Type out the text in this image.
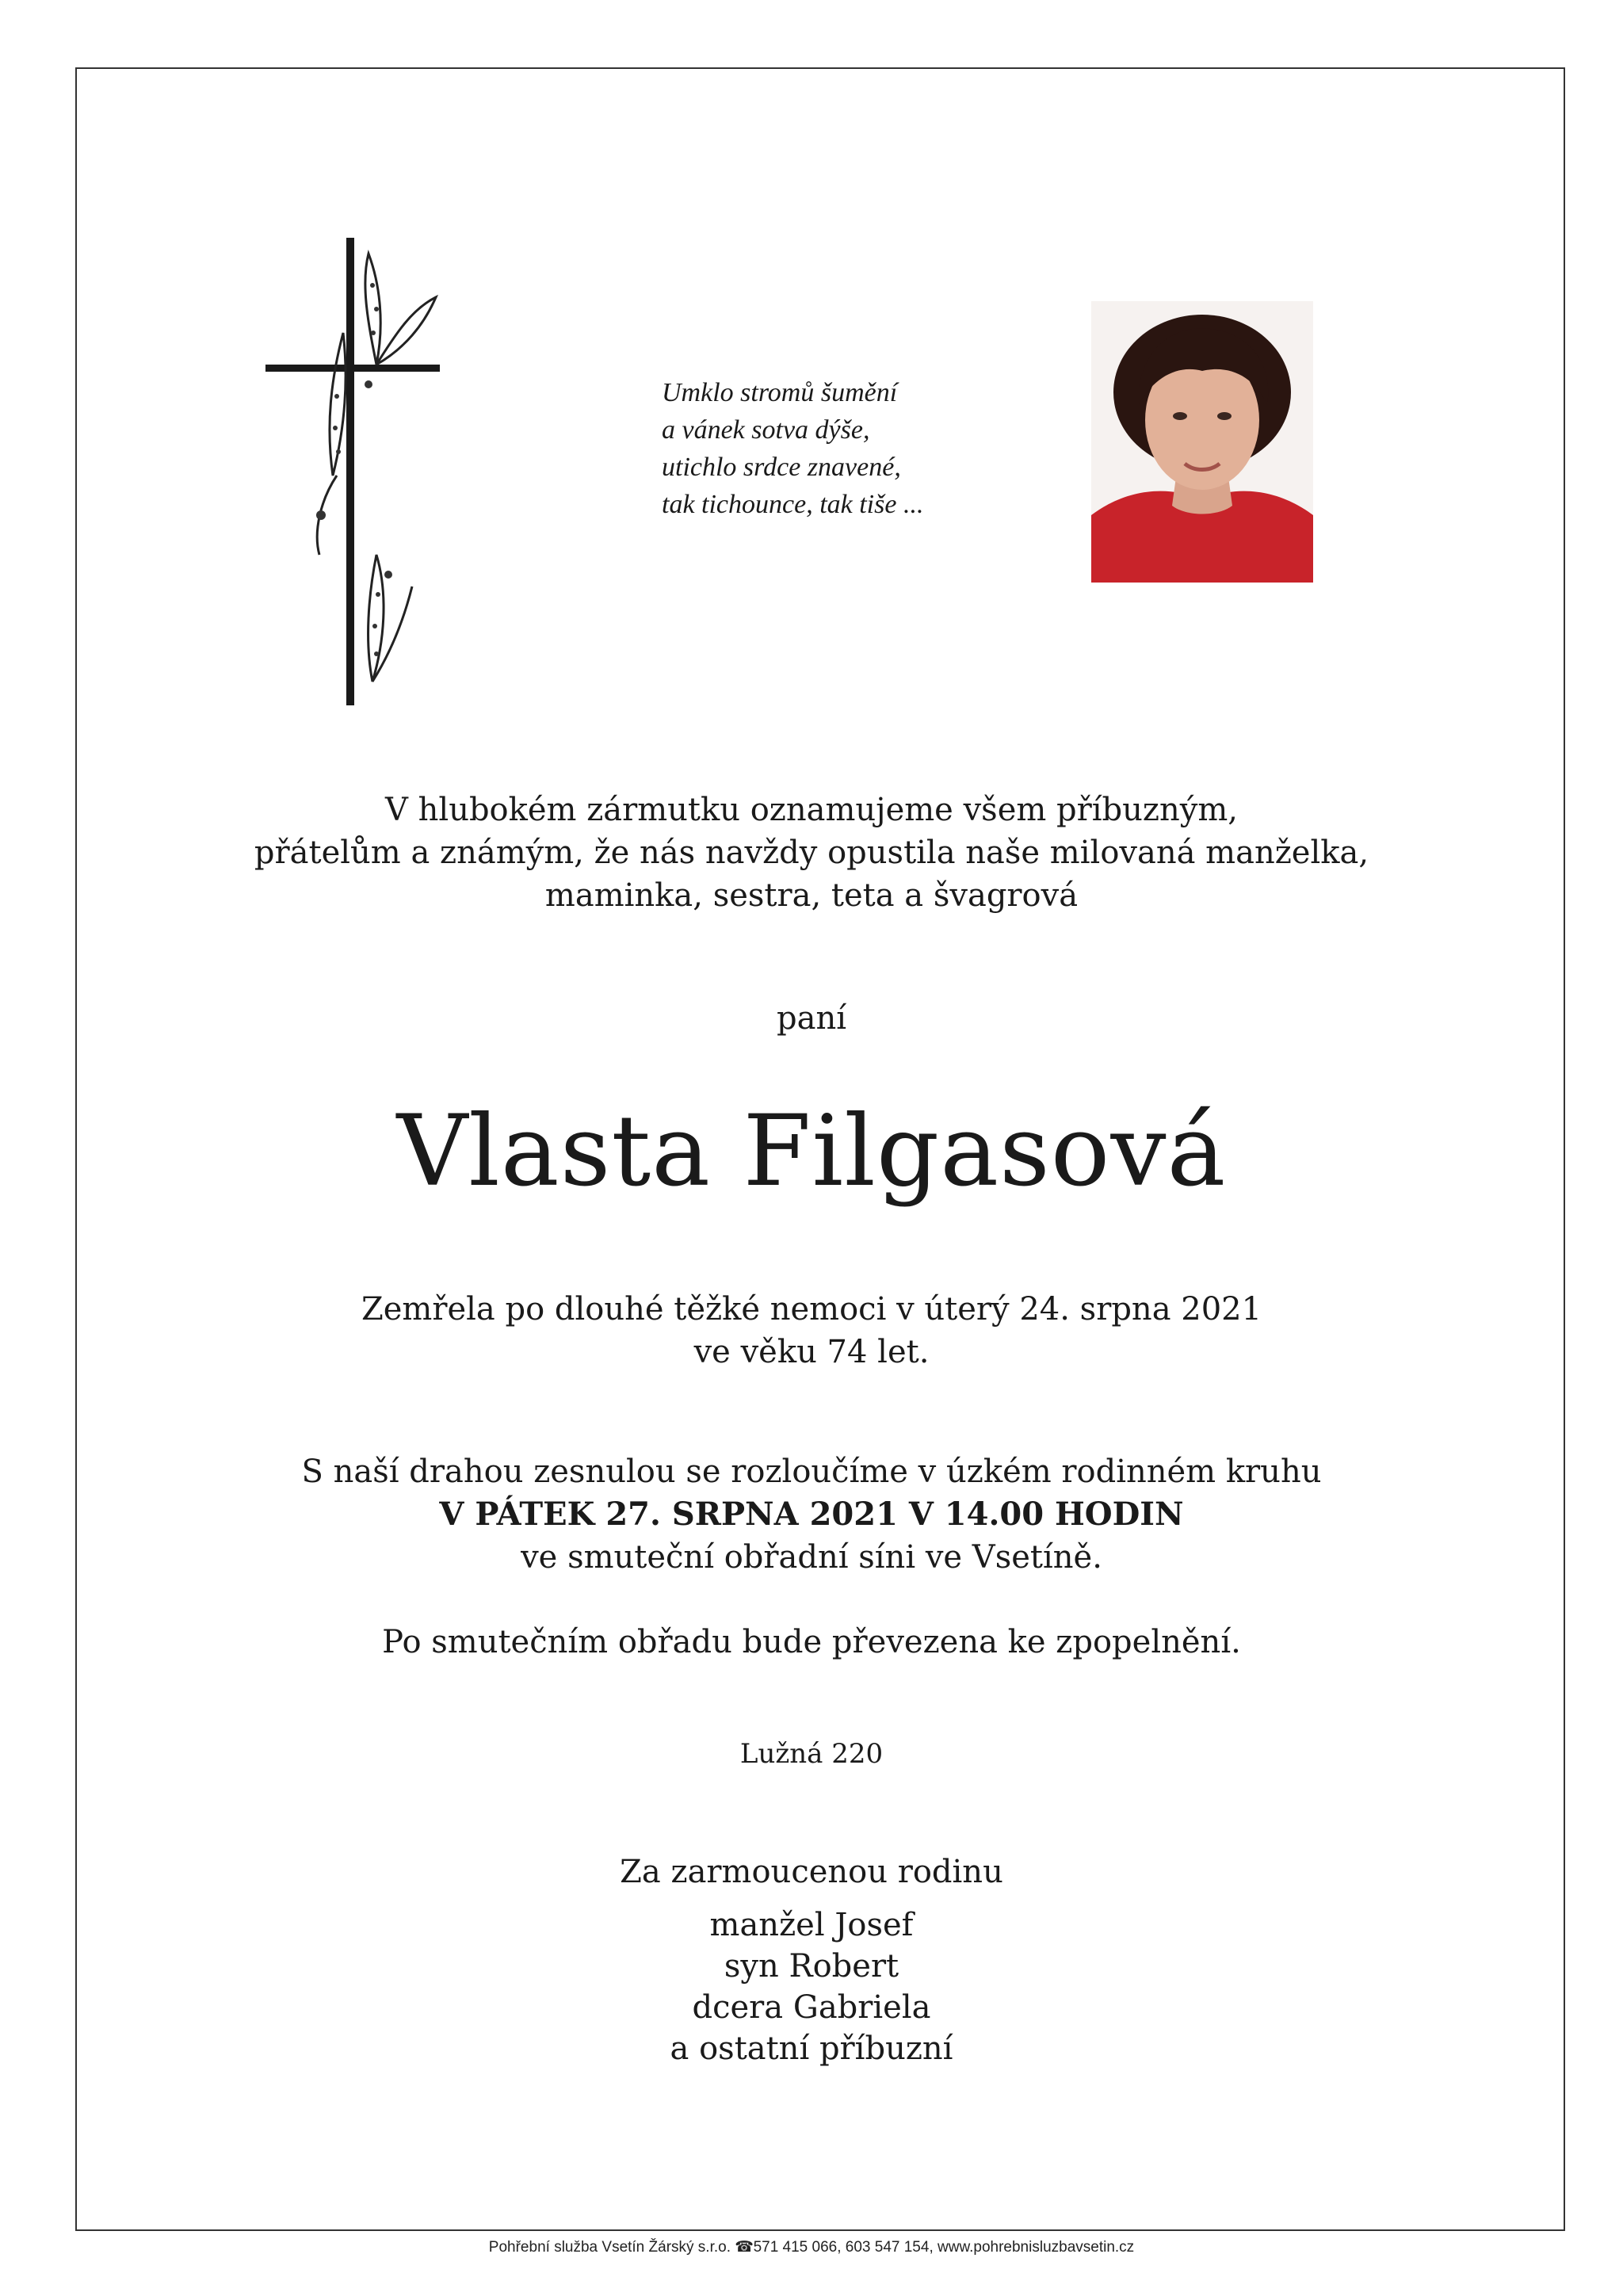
Umklo stromů šumění
a vánek sotva dýše,
utichlo srdce znavené,
tak tichounce, tak tiše ...
V hlubokém zármutku oznamujeme všem příbuzným,
přátelům a známým, že nás navždy opustila naše milovaná manželka,
maminka, sestra, teta a švagrová
paní
Vlasta Filgasová
Zemřela po dlouhé těžké nemoci v úterý 24. srpna 2021
ve věku 74 let.
S naší drahou zesnulou se rozloučíme v úzkém rodinném kruhu
V PÁTEK 27. SRPNA 2021 V 14.00 HODIN
ve smuteční obřadní síni ve Vsetíně.
Po smutečním obřadu bude převezena ke zpopelnění.
Lužná 220
Za zarmoucenou rodinu
manžel Josef
syn Robert
dcera Gabriela
a ostatní příbuzní
Pohřební služba Vsetín Žárský s.r.o. ☎ 571 415 066, 603 547 154, www.pohrebnisluzbavsetin.cz
